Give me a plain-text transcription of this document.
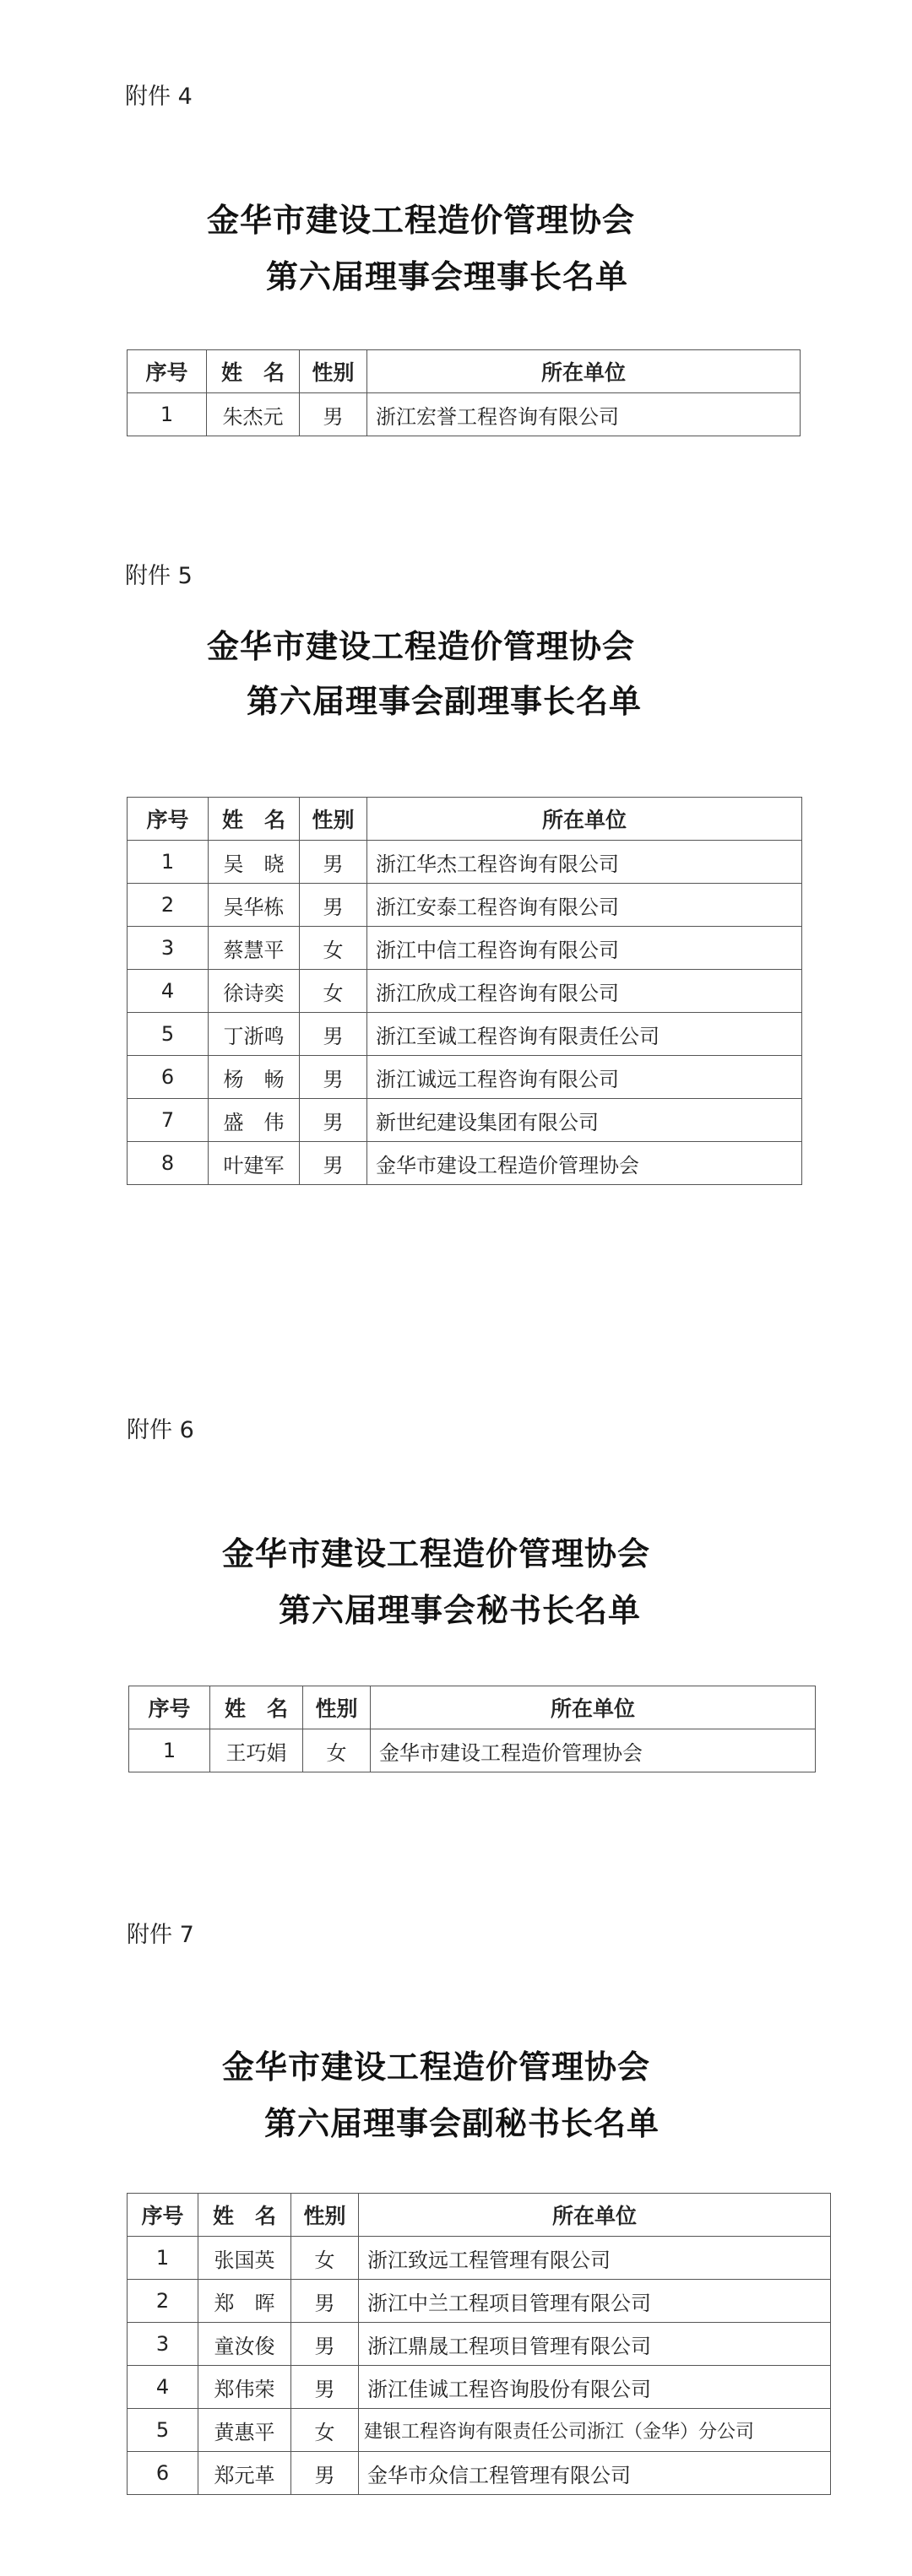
附件 4
金华市建设工程造价管理协会
第六届理事会理事长名单
序号	姓　名	性别	所在单位
1	朱杰元	男	浙江宏誉工程咨询有限公司
附件 5
金华市建设工程造价管理协会
第六届理事会副理事长名单
序号	姓　名	性别	所在单位
1	吴　晓	男	浙江华杰工程咨询有限公司
2	吴华栋	男	浙江安泰工程咨询有限公司
3	蔡慧平	女	浙江中信工程咨询有限公司
4	徐诗奕	女	浙江欣成工程咨询有限公司
5	丁浙鸣	男	浙江至诚工程咨询有限责任公司
6	杨　畅	男	浙江诚远工程咨询有限公司
7	盛　伟	男	新世纪建设集团有限公司
8	叶建军	男	金华市建设工程造价管理协会
附件 6
金华市建设工程造价管理协会
第六届理事会秘书长名单
序号	姓　名	性别	所在单位
1	王巧娟	女	金华市建设工程造价管理协会
附件 7
金华市建设工程造价管理协会
第六届理事会副秘书长名单
序号	姓　名	性别	所在单位
1	张国英	女	浙江致远工程管理有限公司
2	郑　晖	男	浙江中兰工程项目管理有限公司
3	童汝俊	男	浙江鼎晟工程项目管理有限公司
4	郑伟荣	男	浙江佳诚工程咨询股份有限公司
5	黄惠平	女	建银工程咨询有限责任公司浙江（金华）分公司
6	郑元革	男	金华市众信工程管理有限公司
